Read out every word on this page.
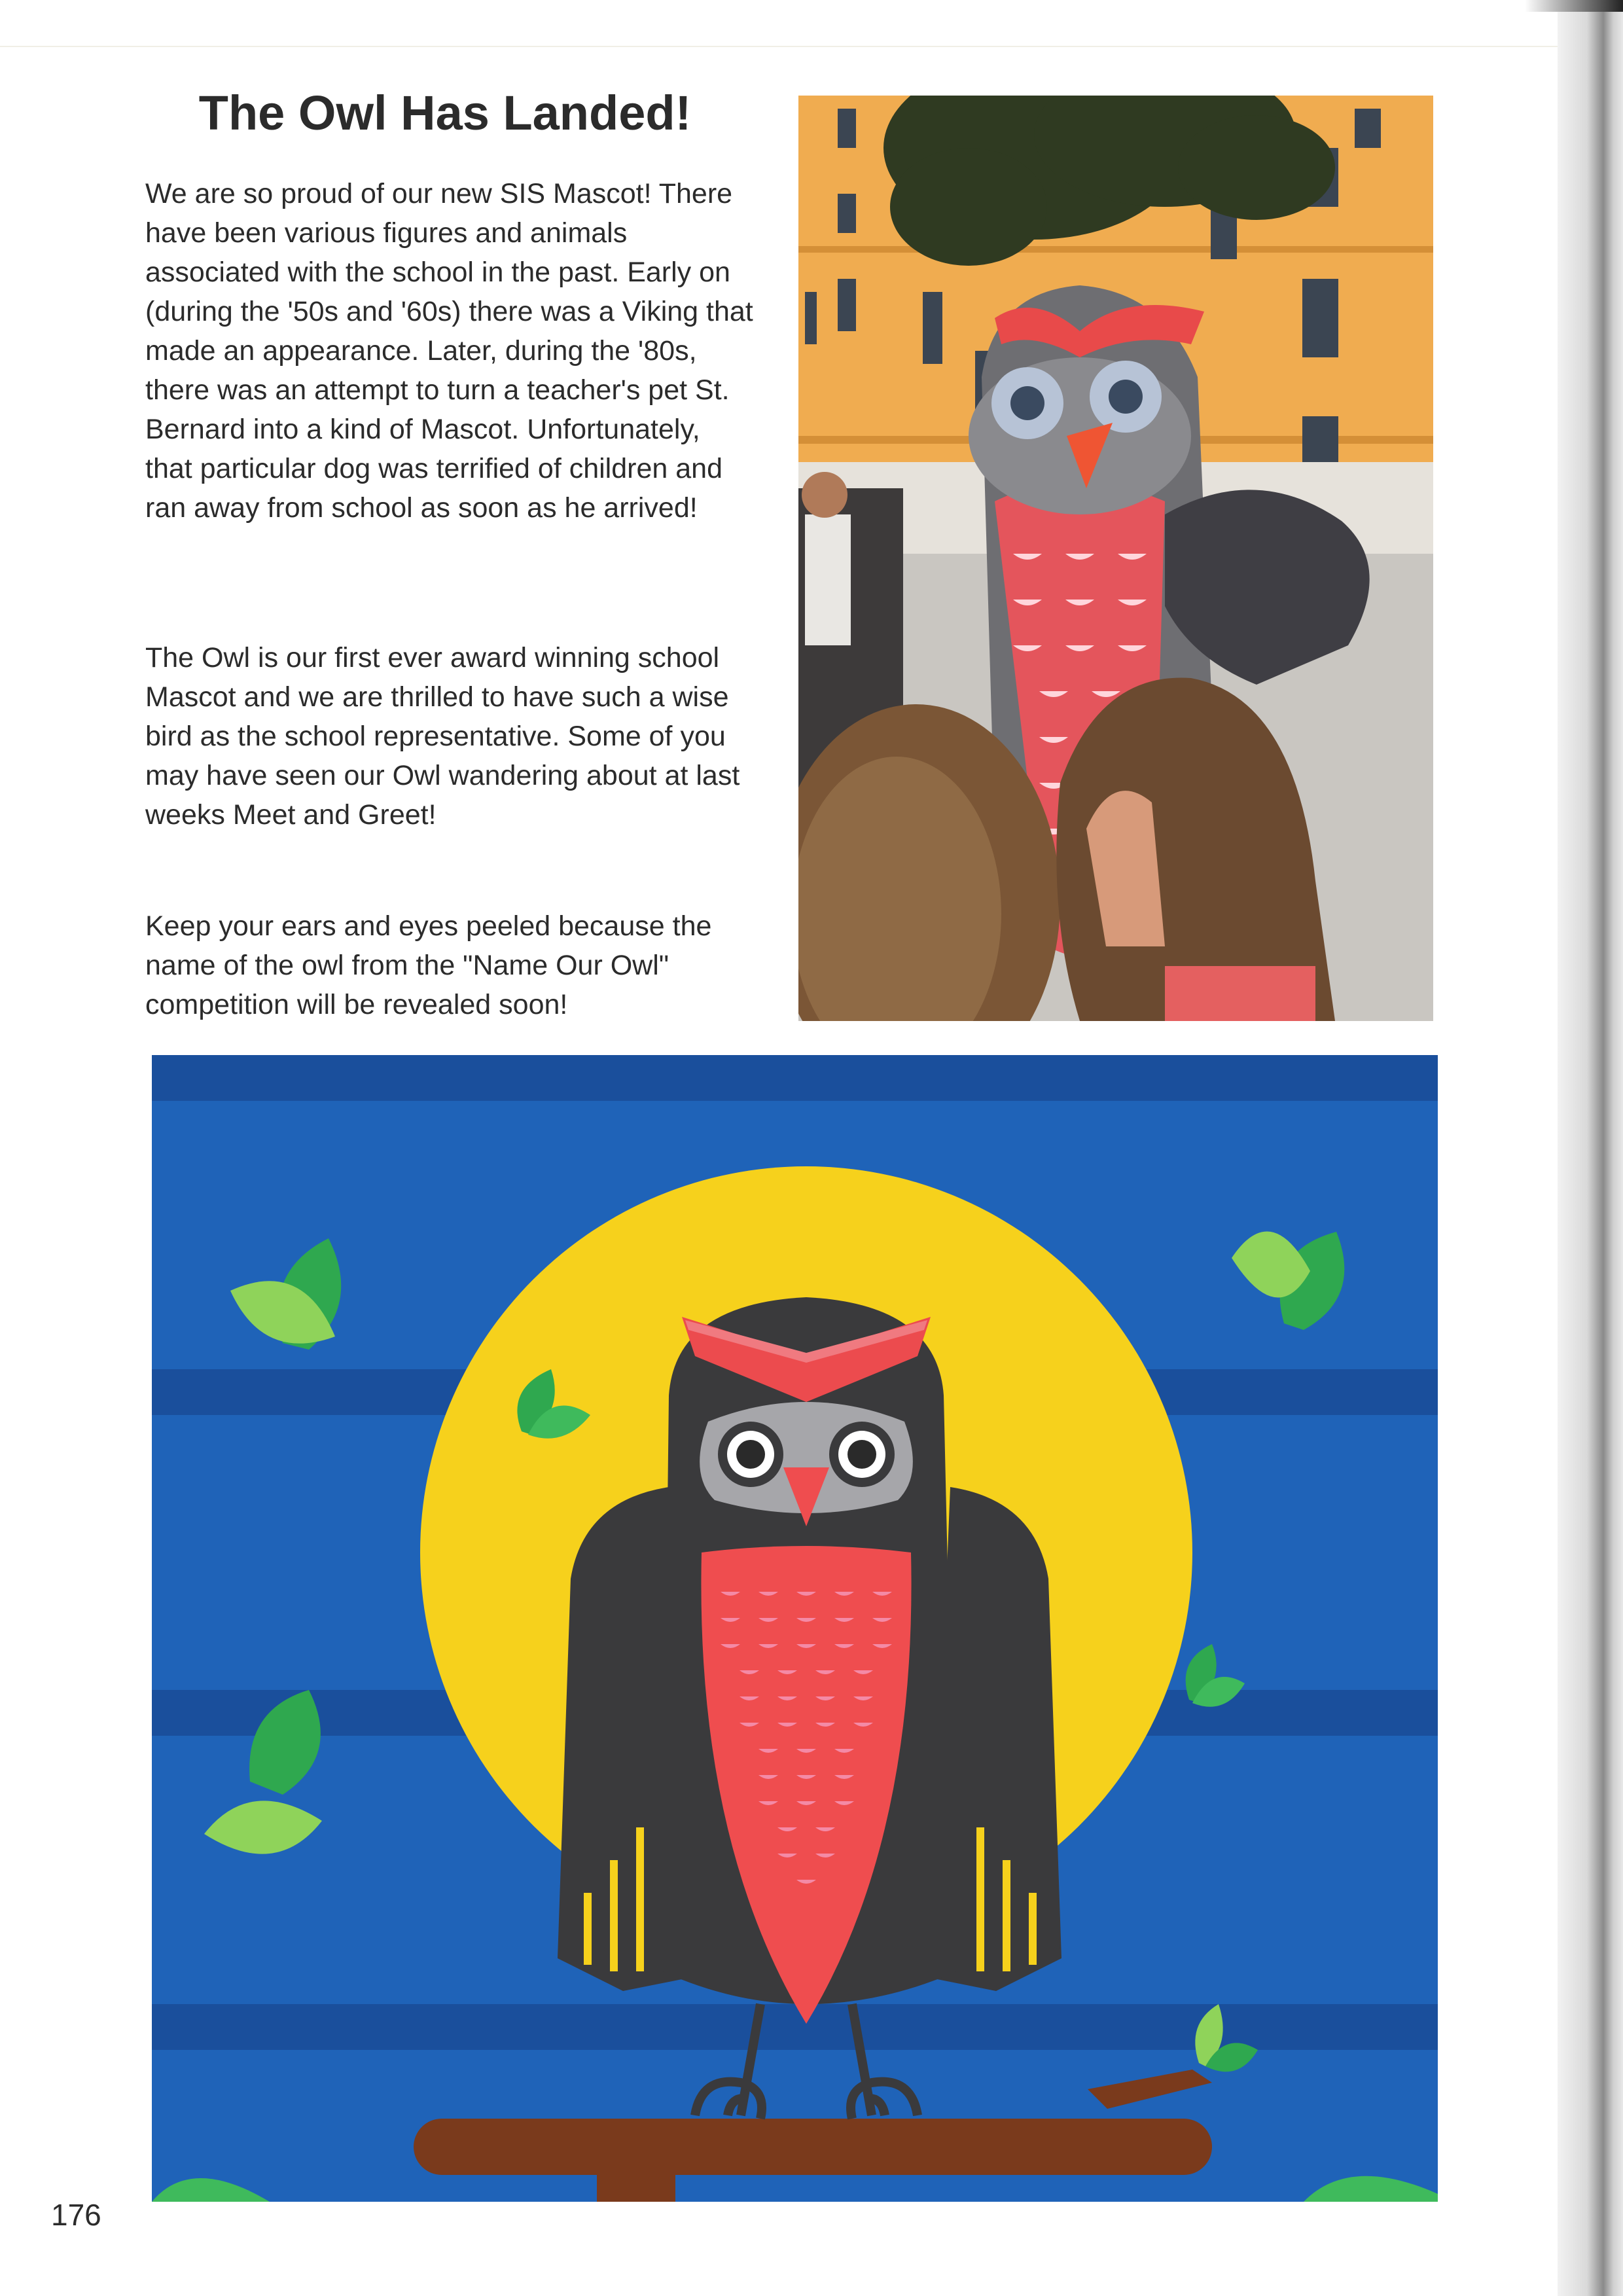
The Owl Has Landed!

We are so proud of our new SIS Mascot! There have been various figures and animals associated with the school in the past. Early on (during the '50s and '60s) there was a Viking that made an appearance. Later, during the '80s, there was an attempt to turn a teacher's pet St. Bernard into a kind of Mascot. Unfortunately, that particular dog was terrified of children and ran away from school as soon as he arrived!

The Owl is our first ever award winning school Mascot and we are thrilled to have such a wise bird as the school representative. Some of you may have seen our Owl wandering about at last weeks Meet and Greet!

Keep your ears and eyes peeled because the name of the owl from the "Name Our Owl" competition will be revealed soon!

176
